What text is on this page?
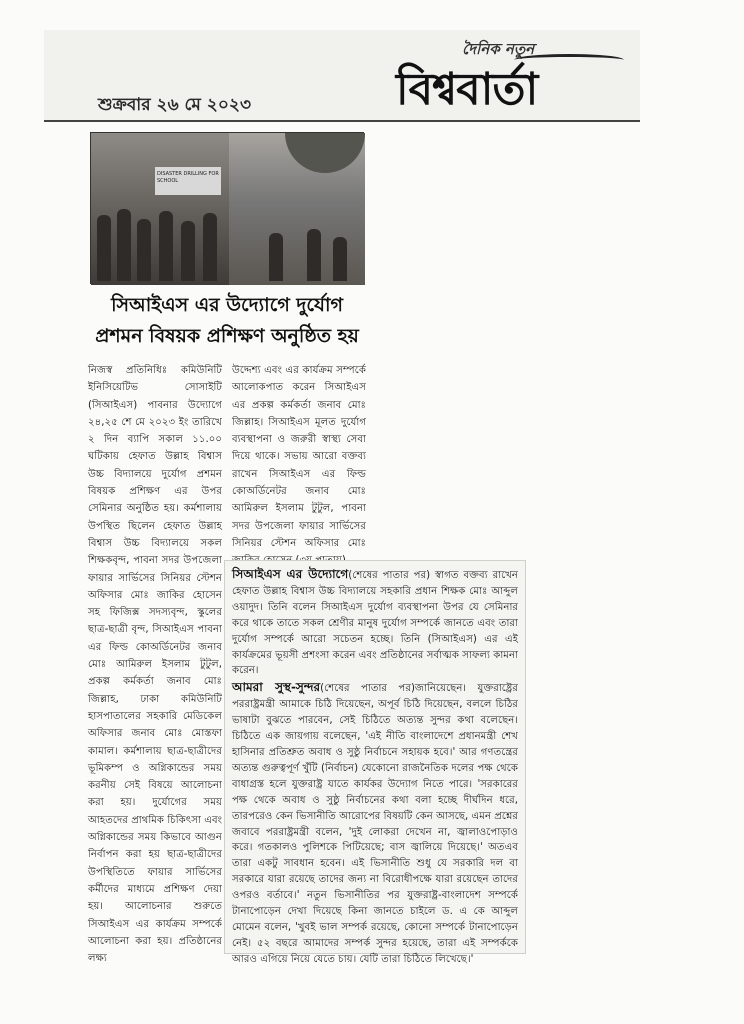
শুক্রবার ২৬ মে ২০২৩
দৈনিক নতুন
বিশ্ববার্তা
DISASTER DRILLING FOR SCHOOL
সিআইএস এর উদ্যোগে দুর্যোগ
প্রশমন বিষয়ক প্রশিক্ষণ অনুষ্ঠিত হয়
নিজস্ব প্রতিনিধিঃ কমিউনিটি ইনিসিয়েটিভ সোসাইটি (সিআইএস) পাবনার উদ্যোগে ২৪,২৫ শে মে ২০২৩ ইং তারিখে ২ দিন ব্যাপি সকাল ১১.০০ ঘটিকায় হেফাত উল্লাহ বিশ্বাস উচ্চ বিদ্যালয়ে দুর্যোগ প্রশমন বিষয়ক প্রশিক্ষণ এর উপর সেমিনার অনুষ্ঠিত হয়। কর্মশালায় উপস্থিত ছিলেন হেফাত উল্লাহ বিশ্বাস উচ্চ বিদ্যালয়ে সকল শিক্ষকবৃন্দ, পাবনা সদর উপজেলা ফায়ার সার্ভিসের সিনিয়র স্টেশন অফিসার মোঃ জাকির হোসেন সহ ফিজিক্স সদস্যবৃন্দ, স্কুলের ছাত্র-ছাত্রী বৃন্দ, সিআইএস পাবনা এর ফিল্ড কোঅর্ডিনেটর জনাব মোঃ আমিরুল ইসলাম টুটুল, প্রকল্প কর্মকর্তা জনাব মোঃ জিল্লাহ, ঢাকা কমিউনিটি হাসপাতালের সহকারি মেডিকেল অফিসার জনাব মোঃ মোস্তফা কামাল। কর্মশালায় ছাত্র-ছাত্রীদের ভূমিকম্প ও অগ্নিকান্ডের সময় করনীয় সেই বিষয়ে আলোচনা করা হয়। দুর্যোগের সময় আহতদের প্রাথমিক চিকিৎসা এবং অগ্নিকান্ডের সময় কিভাবে আগুন নির্বাপন করা হয় ছাত্র-ছাত্রীদের উপস্থিতিতে ফায়ার সার্ভিসের কর্মীদের মাধ্যমে প্রশিক্ষণ দেয়া হয়। আলোচনার শুরুতে সিআইএস এর কার্যক্রম সম্পর্কে আলোচনা করা হয়। প্রতিষ্ঠানের লক্ষ্য
উদ্দেশ্য এবং এর কার্যক্রম সম্পর্কে আলোকপাত করেন সিআইএস এর প্রকল্প কর্মকর্তা জনাব মোঃ জিল্লাহ। সিআইএস মূলত দুর্যোগ ব্যবস্থাপনা ও জরুরী স্বাস্থ্য সেবা দিয়ে থাকে। সভায় আরো বক্তব্য রাখেন সিআইএস এর ফিল্ড কোঅর্ডিনেটর জনাব মোঃ আমিরুল ইসলাম টুটুল, পাবনা সদর উপজেলা ফায়ার সার্ভিসের সিনিয়র স্টেশন অফিসার মোঃ

সিআইএস এর উদ্যোগে(শেষের পাতার পর) স্বাগত বক্তব্য রাখেন হেফাত উল্লাহ বিশ্বাস উচ্চ বিদ্যালয়ে সহকারি প্রধান শিক্ষক মোঃ আব্দুল ওয়াদুদ। তিনি বলেন সিআইএস দুর্যোগ ব্যবস্থাপনা উপর যে সেমিনার করে থাকে তাতে সকল শ্রেণীর মানুষ দুর্যোগ সম্পর্কে জানতে এবং তারা দুর্যোগ সম্পর্কে আরো সচেতন হচ্ছে। তিনি (সিআইএস) এর এই কার্যক্রমের ভূয়সী প্রশংসা করেন এবং প্রতিষ্ঠানের সর্বাত্মক সাফল্য কামনা করেন।

আমরা সুস্থ-সুন্দর(শেষের পাতার পর)জানিয়েছেন। যুক্তরাষ্ট্রের পররাষ্ট্রমন্ত্রী আমাকে চিঠি দিয়েছেন, অপূর্ব চিঠি দিয়েছেন, বললে চিঠির ভাষাটা বুঝতে পারবেন, সেই চিঠিতে অত্যন্ত সুন্দর কথা বলেছেন। চিঠিতে এক জায়গায় বলেছেন, 'এই নীতি বাংলাদেশে প্রধানমন্ত্রী শেখ হাসিনার প্রতিশ্রুত অবাধ ও সুষ্ঠু নির্বাচনে সহায়ক হবে।' আর গণতন্ত্রের অত্যন্ত গুরুত্বপূর্ণ খুঁটি (নির্বাচন) যেকোনো রাজনৈতিক দলের পক্ষ থেকে বাধাগ্রস্ত হলে যুক্তরাষ্ট্র যাতে কার্যকর উদ্যোগ নিতে পারে। 'সরকারের পক্ষ থেকে অবাধ ও সুষ্ঠু নির্বাচনের কথা বলা হচ্ছে দীর্ঘদিন ধরে, তারপরেও কেন ভিসানীতি আরোপের বিষয়টি কেন আসছে, এমন প্রশ্নের জবাবে পররাষ্ট্রমন্ত্রী বলেন, 'দুই লোকরা দেখেন না, জ্বালাওপোড়াও করে। গতকালও পুলিশকে পিটিয়েছে; বাস জ্বালিয়ে দিয়েছে।' অতএব তারা একটু সাবধান হবেন। এই ভিসানীতি শুধু যে সরকারি দল বা সরকারে যারা রয়েছে তাদের জন্য না বিরোধীপক্ষে যারা রয়েছেন তাদের ওপরও বর্তাবে।' নতুন ভিসানীতির পর যুক্তরাষ্ট্র-বাংলাদেশ সম্পর্কে টানাপোড়েন দেখা দিয়েছে কিনা জানতে চাইলে ড. এ কে আব্দুল মোমেন বলেন, 'খুবই ভাল সম্পর্ক রয়েছে, কোনো সম্পর্কে টানাপোড়েন নেই। ৫২ বছরে আমাদের সম্পর্ক সুন্দর হয়েছে, তারা এই সম্পর্ককে আরও এগিয়ে নিয়ে যেতে চায়। যেটি তারা চিঠিতে লিখেছে।'
